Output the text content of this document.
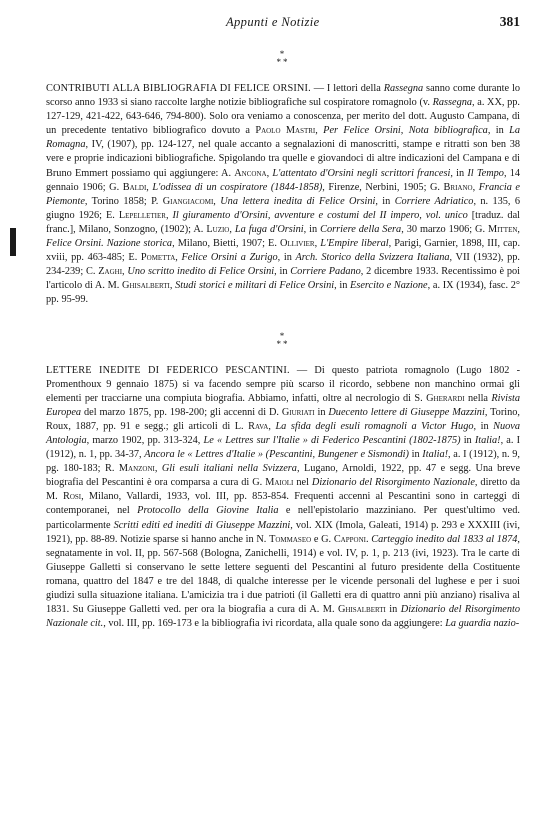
Appunti e Notizie	381
*
**

CONTRIBUTI ALLA BIBLIOGRAFIA DI FELICE ORSINI. — I lettori della Rassegna sanno come durante lo scorso anno 1933 si siano raccolte larghe notizie bibliografiche sul cospiratore romagnolo (v. Rassegna, a. XX, pp. 127-129, 421-422, 643-646, 794-800). Solo ora veniamo a conoscenza, per merito del dott. Augusto Campana, di un precedente tentativo bibliografico dovuto a Paolo Mastri, Per Felice Orsini, Nota bibliografica, in La Romagna, IV, (1907), pp. 124-127, nel quale accanto a segnalazioni di manoscritti, stampe e ritratti son ben 38 vere e proprie indicazioni bibliografiche. Spigolando tra quelle e giovandoci di altre indicazioni del Campana e di Bruno Emmert possiamo qui aggiungere: A. Ancona, L'attentato d'Orsini negli scrittori francesi, in Il Tempo, 14 gennaio 1906; G. Baldi, L'odissea di un cospiratore (1844-1858), Firenze, Nerbini, 1905; G. Briano, Francia e Piemonte, Torino 1858; P. Giangiacomi, Una lettera inedita di Felice Orsini, in Corriere Adriatico, n. 135, 6 giugno 1926; E. Lepelletier, Il giuramento d'Orsini, avventure e costumi del II impero, vol. unico [traduz. dal franc.], Milano, Sonzogno, (1902); A. Luzio, La fuga d'Orsini, in Corriere della Sera, 30 marzo 1906; G. Mitten, Felice Orsini. Nazione storica, Milano, Bietti, 1907; E. Ollivier, L'Empire liberal, Parigi, Garnier, 1898, III, cap. xviii, pp. 463-485; E. Pometta, Felice Orsini a Zurigo, in Arch. Storico della Svizzera Italiana, VII (1932), pp. 234-239; C. Zaghi, Uno scritto inedito di Felice Orsini, in Corriere Padano, 2 dicembre 1933. Recentissimo è poi l'articolo di A. M. Ghisalberti, Studi storici e militari di Felice Orsini, in Esercito e Nazione, a. IX (1934), fasc. 2° pp. 95-99.

*
**

LETTERE INEDITE DI FEDERICO PESCANTINI. — Di questo patriota romagnolo (Lugo 1802 - Promenthoux 9 gennaio 1875) si va facendo sempre più scarso il ricordo, sebbene non manchino ormai gli elementi per tracciarne una compiuta biografia. Abbiamo, infatti, oltre al necrologio di S. Gherardi nella Rivista Europea del marzo 1875, pp. 198-200; gli accenni di D. Giuriati in Duecento lettere di Giuseppe Mazzini, Torino, Roux, 1887, pp. 91 e segg.; gli articoli di L. Rava, La sfida degli esuli romagnoli a Victor Hugo, in Nuova Antologia, marzo 1902, pp. 313-324, Le « Lettres sur l'Italie » di Federico Pescantini (1802-1875) in Italia!, a. I (1912), n. 1, pp. 34-37, Ancora le « Lettres d'Italie » (Pescantini, Bungener e Sismondi) in Italia!, a. I (1912), n. 9, pg. 180-183; R. Manzoni, Gli esuli italiani nella Svizzera, Lugano, Arnoldi, 1922, pp. 47 e segg. Una breve biografia del Pescantini è ora comparsa a cura di G. Maioli nel Dizionario del Risorgimento Nazionale, diretto da M. Rosi, Milano, Vallardi, 1933, vol. III, pp. 853-854. Frequenti accenni al Pescantini sono in carteggi di contemporanei, nel Protocollo della Giovine Italia e nell'epistolario mazziniano. Per quest'ultimo ved. particolarmente Scritti editi ed inediti di Giuseppe Mazzini, vol. XIX (Imola, Galeati, 1914) p. 293 e XXXIII (ivi, 1921), pp. 88-89. Notizie sparse si hanno anche in N. Tommaseo e G. Capponi. Carteggio inedito dal 1833 al 1874, segnatamente in vol. II, pp. 567-568 (Bologna, Zanichelli, 1914) e vol. IV, p. 1, p. 213 (ivi, 1923). Tra le carte di Giuseppe Galletti si conservano le sette lettere seguenti del Pescantini al futuro presidente della Costituente romana, quattro del 1847 e tre del 1848, di qualche interesse per le vicende personali del lughese e per i suoi giudizi sulla situazione italiana. L'amicizia tra i due patrioti (il Galletti era di quattro anni più anziano) risaliva al 1831. Su Giuseppe Galletti ved. per ora la biografia a cura di A. M. Ghisalberti in Dizionario del Risorgimento Nazionale cit., vol. III, pp. 169-173 e la bibliografia ivi ricordata, alla quale sono da aggiungere: La guardia nazio-
